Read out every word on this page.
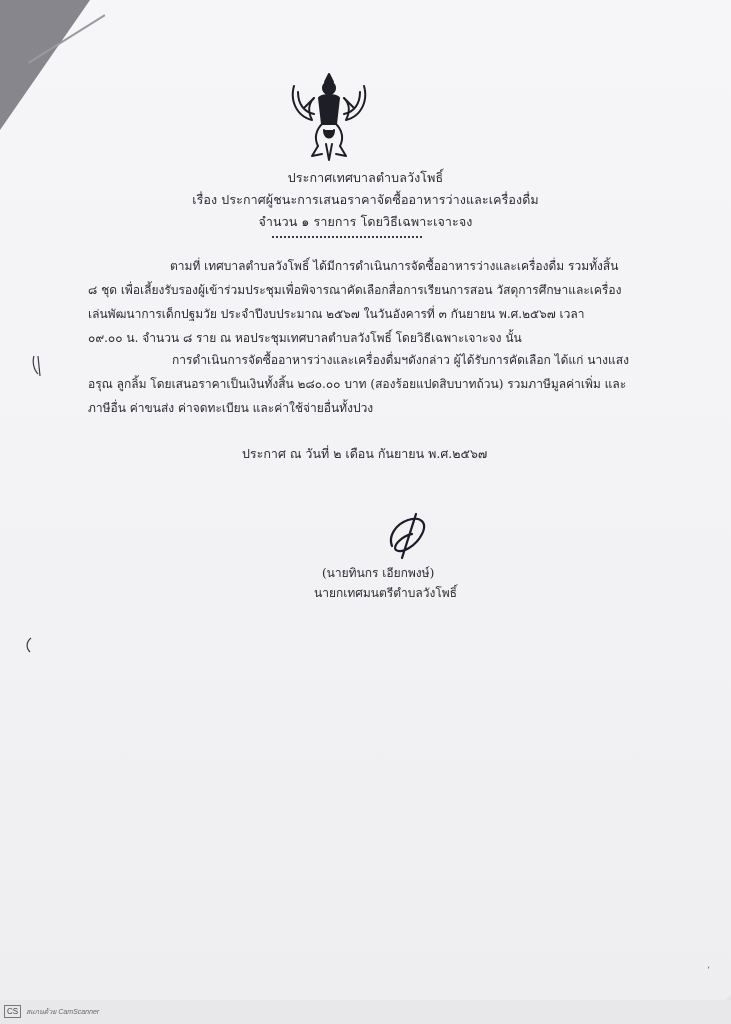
ประกาศเทศบาลตำบลวังโพธิ์
เรื่อง ประกาศผู้ชนะการเสนอราคาจัดซื้ออาหารว่างและเครื่องดื่ม
จำนวน ๑ รายการ โดยวิธีเฉพาะเจาะจง
ตามที่ เทศบาลตำบลวังโพธิ์ ได้มีการดำเนินการจัดซื้ออาหารว่างและเครื่องดื่ม รวมทั้งสิ้น
๘ ชุด เพื่อเลี้ยงรับรองผู้เข้าร่วมประชุมเพื่อพิจารณาคัดเลือกสื่อการเรียนการสอน วัสดุการศึกษาและเครื่อง
เล่นพัฒนาการเด็กปฐมวัย ประจำปีงบประมาณ ๒๕๖๗ ในวันอังคารที่ ๓ กันยายน พ.ศ.๒๕๖๗ เวลา
๐๙.๐๐ น. จำนวน ๘ ราย ณ หอประชุมเทศบาลตำบลวังโพธิ์ โดยวิธีเฉพาะเจาะจง นั้น
การดำเนินการจัดซื้ออาหารว่างและเครื่องดื่มฯดังกล่าว ผู้ได้รับการคัดเลือก ได้แก่ นางแสง
อรุณ ลูกลิ้ม โดยเสนอราคาเป็นเงินทั้งสิ้น ๒๘๐.๐๐ บาท (สองร้อยแปดสิบบาทถ้วน) รวมภาษีมูลค่าเพิ่ม และ
ภาษีอื่น ค่าขนส่ง ค่าจดทะเบียน และค่าใช้จ่ายอื่นทั้งปวง
ประกาศ ณ วันที่ ๒ เดือน กันยายน พ.ศ.๒๕๖๗
(นายทินกร เอียกพงษ์)
นายกเทศมนตรีตำบลวังโพธิ์
‘
CS	สแกนด้วย CamScanner
